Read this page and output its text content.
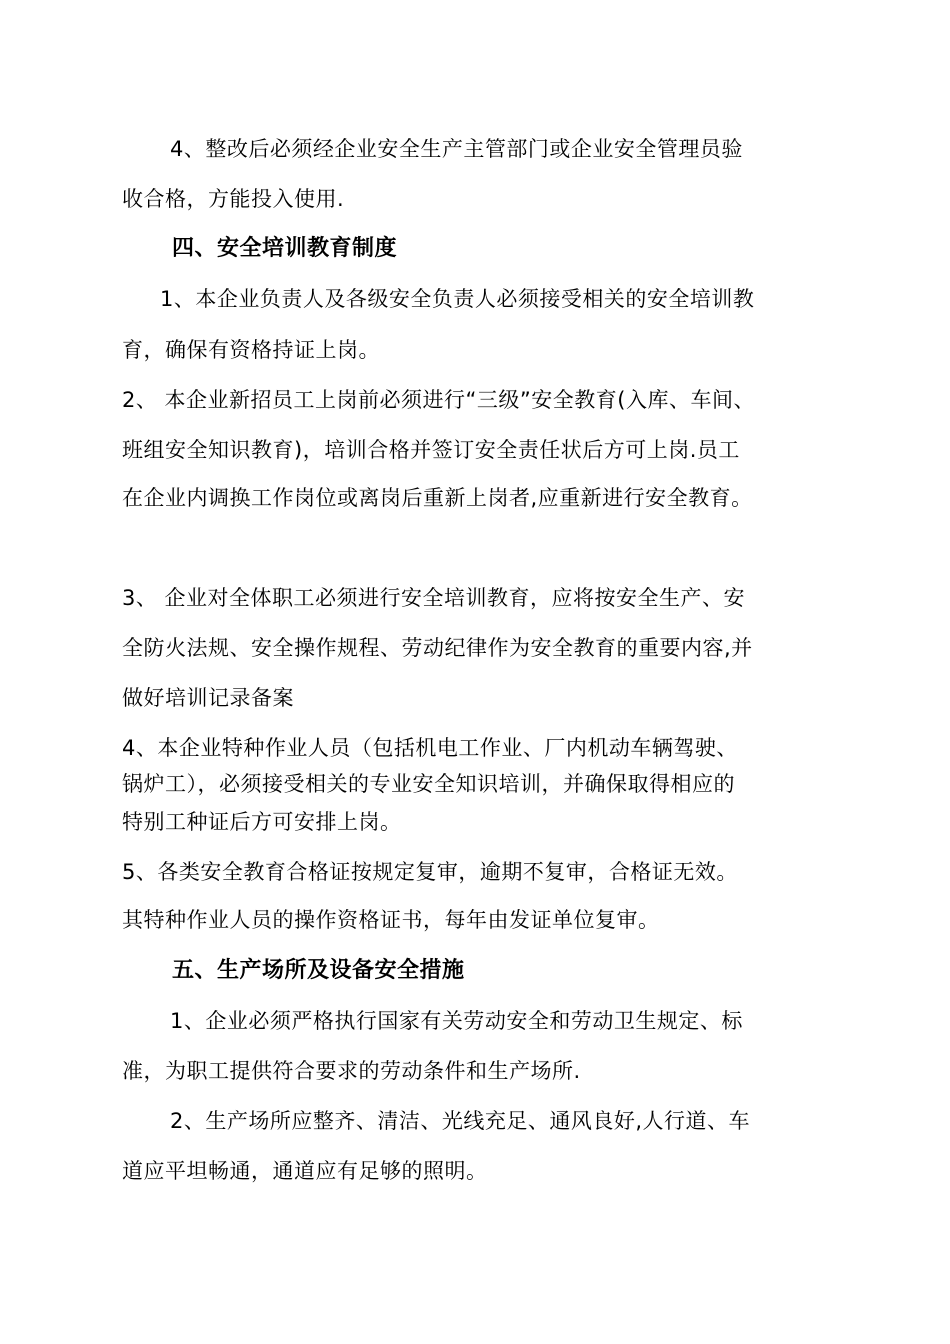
4、整改后必须经企业安全生产主管部门或企业安全管理员验
收合格，方能投入使用.
四、安全培训教育制度
1、本企业负责人及各级安全负责人必须接受相关的安全培训教
育，确保有资格持证上岗。
2、 本企业新招员工上岗前必须进行“三级”安全教育(入库、车间、
班组安全知识教育)，培训合格并签订安全责任状后方可上岗.员工
在企业内调换工作岗位或离岗后重新上岗者,应重新进行安全教育。
3、 企业对全体职工必须进行安全培训教育，应将按安全生产、安
全防火法规、安全操作规程、劳动纪律作为安全教育的重要内容,并
做好培训记录备案
4、本企业特种作业人员（包括机电工作业、厂内机动车辆驾驶、
锅炉工），必须接受相关的专业安全知识培训，并确保取得相应的
特别工种证后方可安排上岗。
5、各类安全教育合格证按规定复审，逾期不复审，合格证无效。
其特种作业人员的操作资格证书，每年由发证单位复审。
五、生产场所及设备安全措施
1、企业必须严格执行国家有关劳动安全和劳动卫生规定、标
准，为职工提供符合要求的劳动条件和生产场所.
2、生产场所应整齐、清洁、光线充足、通风良好,人行道、车
道应平坦畅通，通道应有足够的照明。
